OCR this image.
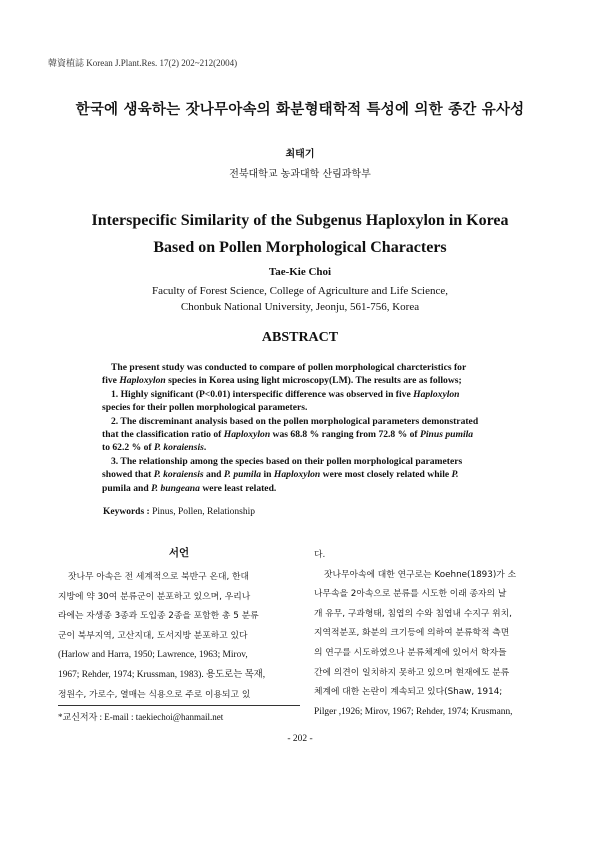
韓資植誌 Korean J.Plant.Res. 17(2) 202~212(2004)
한국에 생육하는 잣나무아속의 화분형태학적 특성에 의한 종간 유사성
최태기
전북대학교 농과대학 산림과학부
Interspecific Similarity of the Subgenus Haploxylon in Korea
Based on Pollen Morphological Characters
Tae-Kie Choi
Faculty of Forest Science, College of Agriculture and Life Science,
Chonbuk National University, Jeonju, 561-756, Korea
ABSTRACT
The present study was conducted to compare of pollen morphological charcteristics for
five Haploxylon species in Korea using light microscopy(LM). The results are as follows;
1. Highly significant (P<0.01) interspecific difference was observed in five Haploxylon
species for their pollen morphological parameters.
2. The discreminant analysis based on the pollen morphological parameters demonstrated
that the classification ratio of Haploxylon was 68.8 % ranging from 72.8 % of Pinus pumila
to 62.2 % of P. koraiensis.
3. The relationship among the species based on their pollen morphological parameters
showed that P. koraiensis and P. pumila in Haploxylon were most closely related while P.
pumila and P. bungeana were least related.
Keywords : Pinus, Pollen, Relationship
서언
잣나무 아속은 전 세계적으로 북반구 온대, 한대
지방에 약 30여 분류군이 분포하고 있으며, 우리나
라에는 자생종 3종과 도입종 2종을 포함한 총 5 분류
군이 북부지역, 고산지대, 도서지방 분포하고 있다
(Harlow and Harra, 1950; Lawrence, 1963; Mirov,
1967; Rehder, 1974; Krussman, 1983). 용도로는 목재,
정원수, 가로수, 열매는 식용으로 주로 이용되고 있
다.
잣나무아속에 대한 연구로는 Koehne(1893)가 소
나무속을 2아속으로 분류를 시도한 이래 종자의 날
개 유무, 구과형태, 침엽의 수와 침엽내 수지구 위치,
지역적분포, 화분의 크기등에 의하여 분류학적 측면
의 연구를 시도하였으나 분류체계에 있어서 학자들
간에 의견이 일치하지 못하고 있으며 현재에도 분류
체계에 대한 논란이 계속되고 있다(Shaw, 1914;
Pilger ,1926; Mirov, 1967; Rehder, 1974; Krusmann,
*교신저자 : E-mail : taekiechoi@hanmail.net
- 202 -
